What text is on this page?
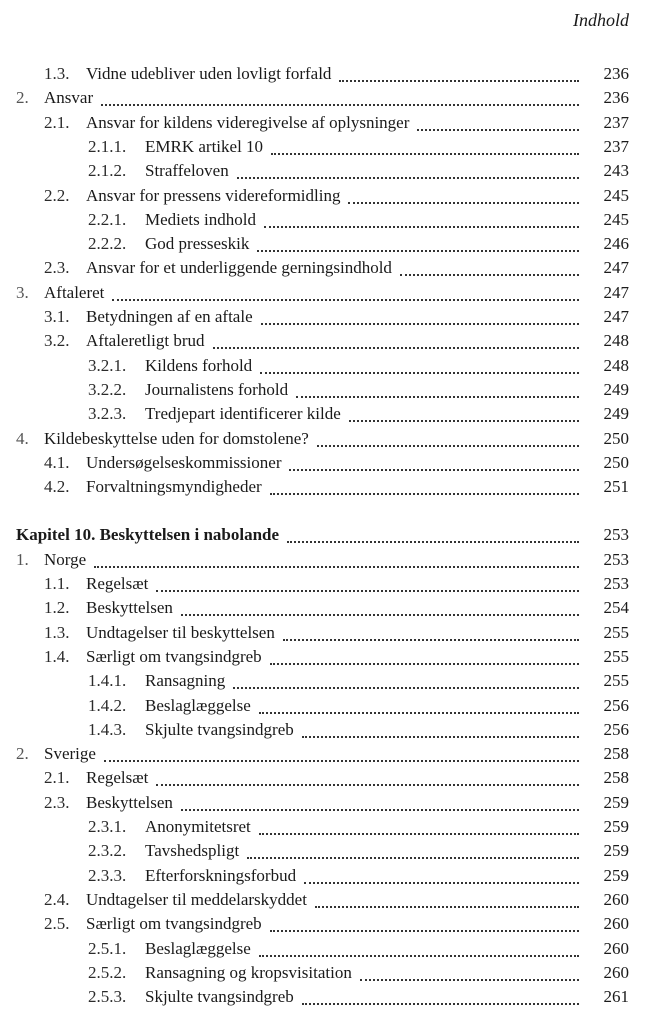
Indhold
1.3. Vidne udebliver uden lovligt forfald	236
2. Ansvar	236
2.1. Ansvar for kildens videregivelse af oplysninger	237
2.1.1. EMRK artikel 10	237
2.1.2. Straffeloven	243
2.2. Ansvar for pressens videreformidling	245
2.2.1. Mediets indhold	245
2.2.2. God presseskik	246
2.3. Ansvar for et underliggende gerningsindhold	247
3. Aftaleret	247
3.1. Betydningen af en aftale	247
3.2. Aftaleretligt brud	248
3.2.1. Kildens forhold	248
3.2.2. Journalistens forhold	249
3.2.3. Tredjepart identificerer kilde	249
4. Kildebeskyttelse uden for domstolene?	250
4.1. Undersøgelseskommissioner	250
4.2. Forvaltningsmyndigheder	251
Kapitel 10. Beskyttelsen i nabolande	253
1. Norge	253
1.1. Regelsæt	253
1.2. Beskyttelsen	254
1.3. Undtagelser til beskyttelsen	255
1.4. Særligt om tvangsindgreb	255
1.4.1. Ransagning	255
1.4.2. Beslaglæggelse	256
1.4.3. Skjulte tvangsindgreb	256
2. Sverige	258
2.1. Regelsæt	258
2.3. Beskyttelsen	259
2.3.1. Anonymitetsret	259
2.3.2. Tavshedspligt	259
2.3.3. Efterforskningsforbud	259
2.4. Undtagelser til meddelarskyddet	260
2.5. Særligt om tvangsindgreb	260
2.5.1. Beslaglæggelse	260
2.5.2. Ransagning og kropsvisitation	260
2.5.3. Skjulte tvangsindgreb	261
